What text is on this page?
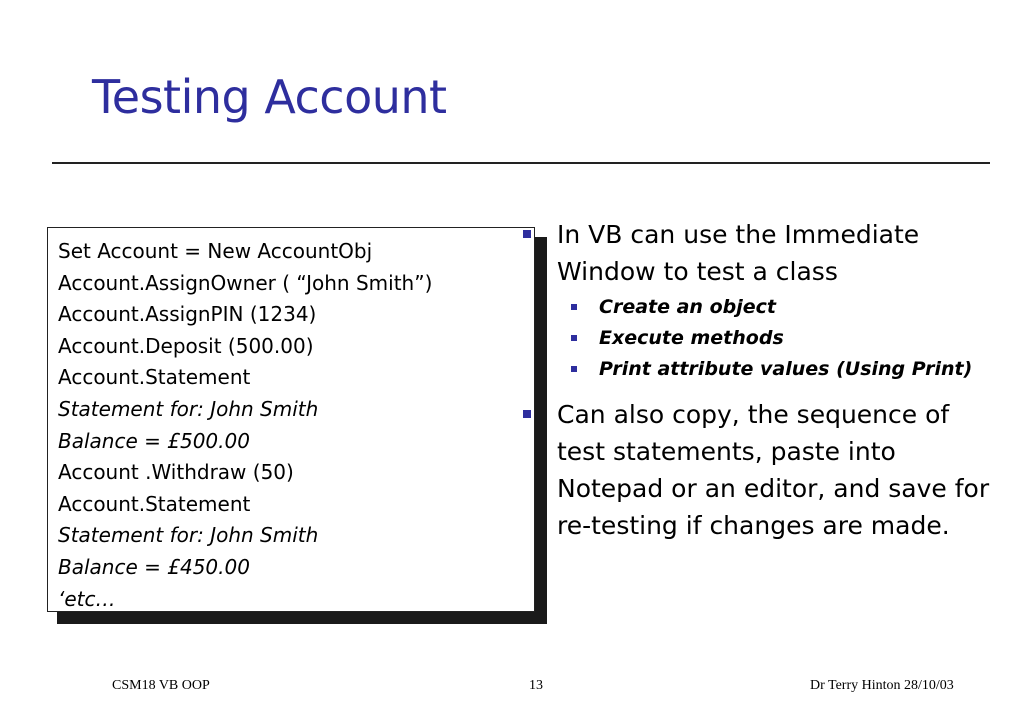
Testing Account
Set Account = New AccountObj
Account.AssignOwner ( “John Smith”)
Account.AssignPIN (1234)
Account.Deposit (500.00)
Account.Statement
Statement for: John Smith
Balance = £500.00
Account .Withdraw (50)
Account.Statement
Statement for: John Smith
Balance = £450.00
‘etc…
In VB can use the Immediate Window to test a class
Create an object
Execute methods
Print attribute values (Using Print)
Can also copy, the sequence of test statements, paste into Notepad or an editor, and save for re-testing if changes are made.
CSM18 VB OOP	13	Dr Terry Hinton 28/10/03
